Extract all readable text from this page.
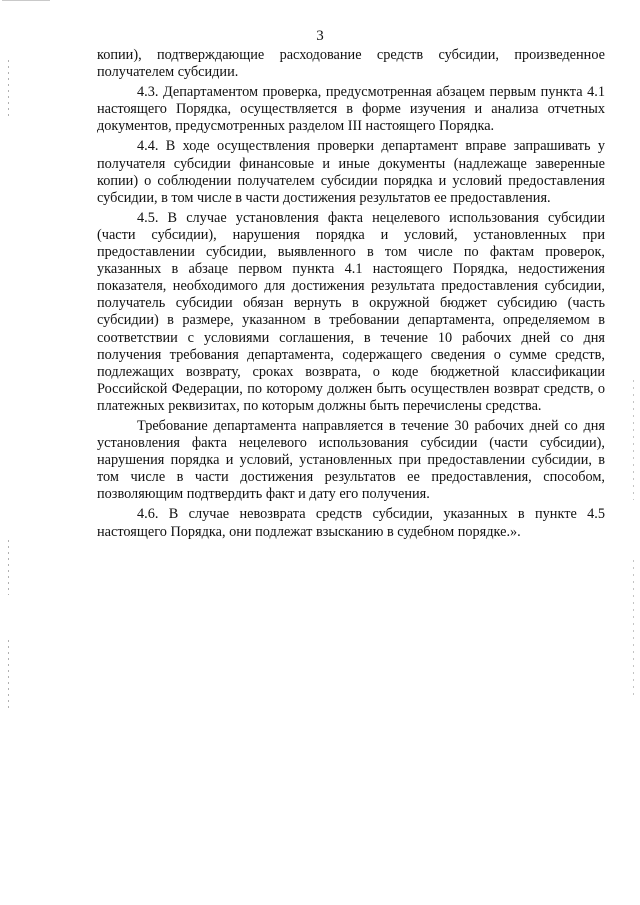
3

копии), подтверждающие расходование средств субсидии, произведенное получателем субсидии.

4.3. Департаментом проверка, предусмотренная абзацем первым пункта 4.1 настоящего Порядка, осуществляется в форме изучения и анализа отчетных документов, предусмотренных разделом III настоящего Порядка.

4.4. В ходе осуществления проверки департамент вправе запрашивать у получателя субсидии финансовые и иные документы (надлежаще заверенные копии) о соблюдении получателем субсидии порядка и условий предоставления субсидии, в том числе в части достижения результатов ее предоставления.

4.5. В случае установления факта нецелевого использования субсидии (части субсидии), нарушения порядка и условий, установленных при предоставлении субсидии, выявленного в том числе по фактам проверок, указанных в абзаце первом пункта 4.1 настоящего Порядка, недостижения показателя, необходимого для достижения результата предоставления субсидии, получатель субсидии обязан вернуть в окружной бюджет субсидию (часть субсидии) в размере, указанном в требовании департамента, определяемом в соответствии с условиями соглашения, в течение 10 рабочих дней со дня получения требования департамента, содержащего сведения о сумме средств, подлежащих возврату, сроках возврата, о коде бюджетной классификации Российской Федерации, по которому должен быть осуществлен возврат средств, о платежных реквизитах, по которым должны быть перечислены средства.

Требование департамента направляется в течение 30 рабочих дней со дня установления факта нецелевого использования субсидии (части субсидии), нарушения порядка и условий, установленных при предоставлении субсидии, в том числе в части достижения результатов ее предоставления, способом, позволяющим подтвердить факт и дату его получения.

4.6. В случае невозврата средств субсидии, указанных в пункте 4.5 настоящего Порядка, они подлежат взысканию в судебном порядке.».
